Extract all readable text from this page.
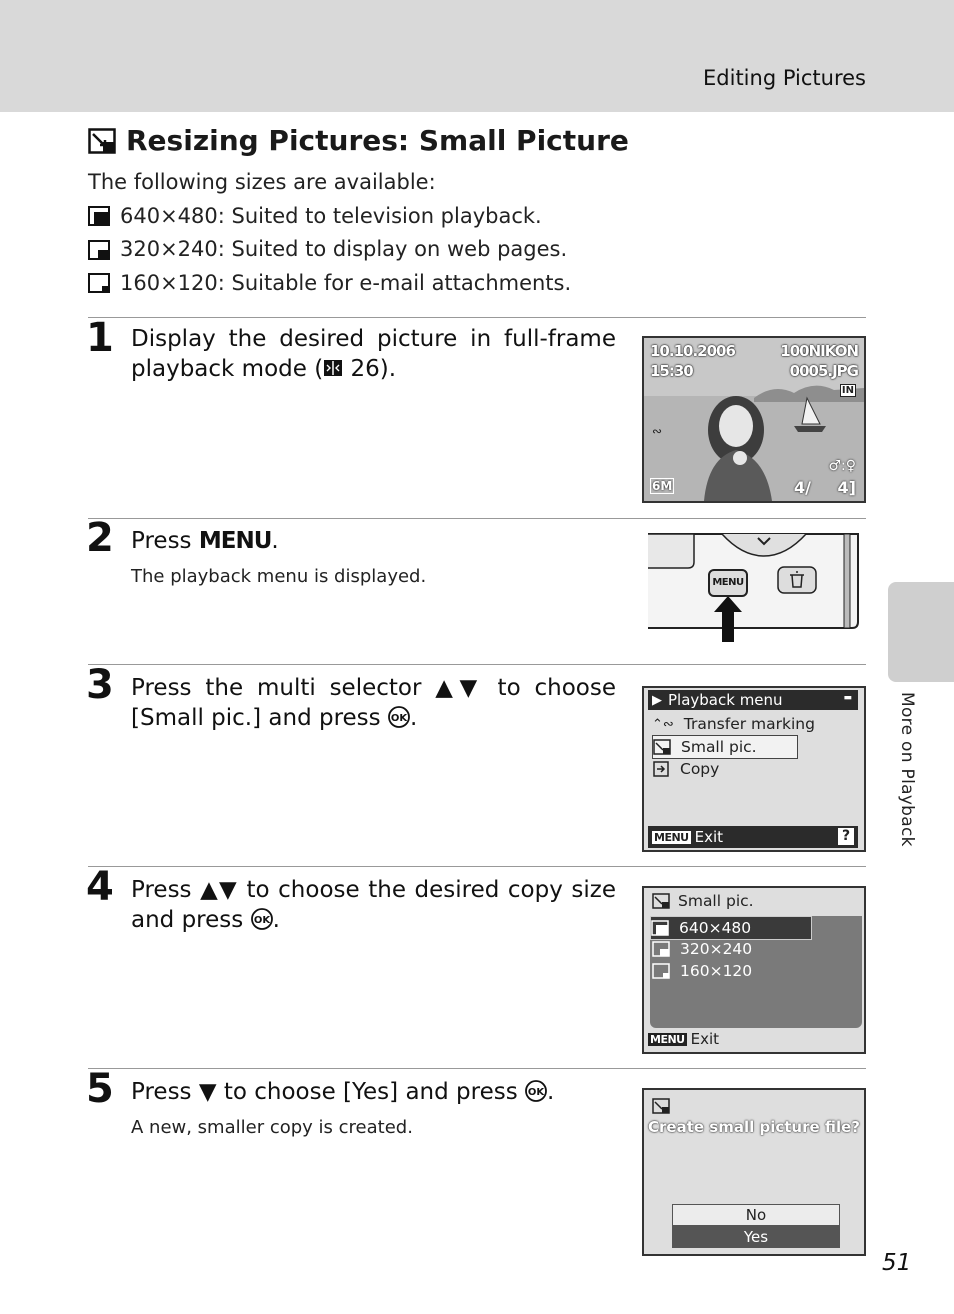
Editing Pictures
More on Playback
Resizing Pictures: Small Picture
The following sizes are available:
640×480: Suited to television playback.
320×240: Suited to display on web pages.
160×120: Suitable for e-mail attachments.
1 Display the desired picture in full-frame playback mode ( 26).
10.10.2006
15:30
100NIKON
0005.JPG
IN
∾
♂:♀
6M	4/ 4]
2 Press MENU.
The playback menu is displayed.	MENU
3 Press the multi selector ▲▼ to choose [Small pic.] and press OK .
▶ Playback menu	▬
⌃∾ Transfer marking
Small pic.
Copy
MENU Exit	?
4 Press ▲▼ to choose the desired copy size and press OK .
Small pic.
640×480
320×240
160×120
MENU Exit
5 Press ▼ to choose [Yes] and press OK .
A new, smaller copy is created.	Create small picture file?
No
Yes
51
